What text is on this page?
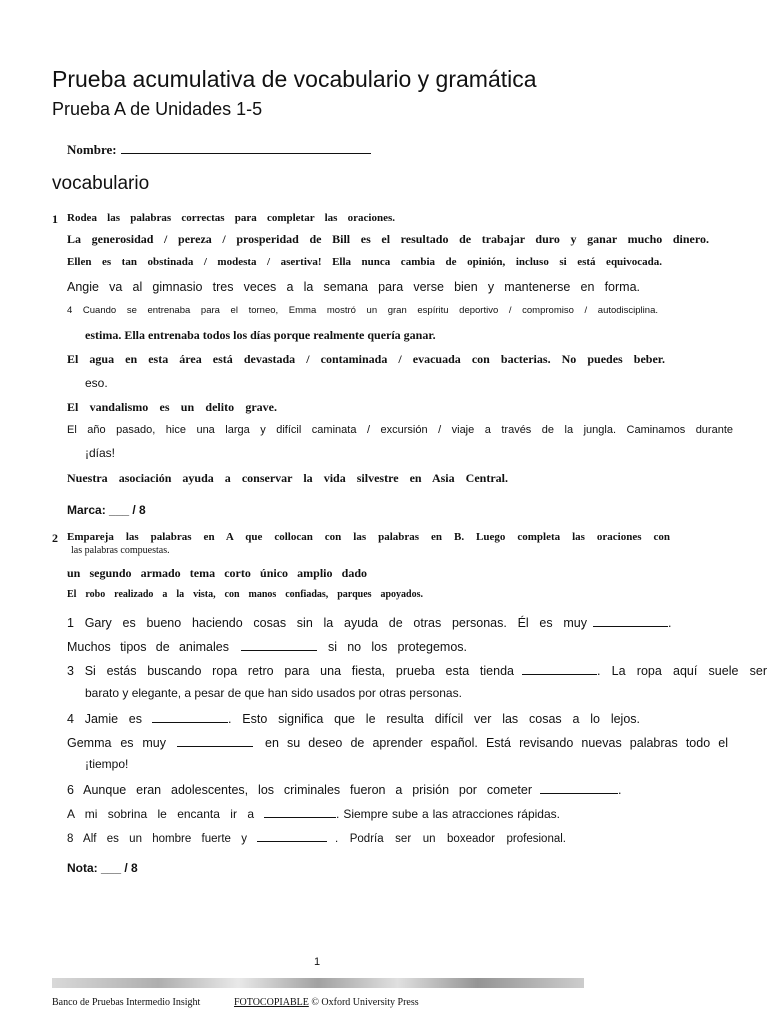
Prueba acumulativa de vocabulario y gramática
Prueba A de Unidades 1-5
Nombre:
vocabulario
1 Rodea las palabras correctas para completar las oraciones.
La generosidad / pereza / prosperidad de Bill es el resultado de trabajar duro y ganar mucho dinero.
Ellen es tan obstinada / modesta / asertiva! Ella nunca cambia de opinión, incluso si está equivocada.
Angie va al gimnasio tres veces a la semana para verse bien y mantenerse en forma.
4 Cuando se entrenaba para el torneo, Emma mostró un gran espíritu deportivo / compromiso / autodisciplina.
estima. Ella entrenaba todos los días porque realmente quería ganar.
El agua en esta área está devastada / contaminada / evacuada con bacterias. No puedes beber.
eso.
El vandalismo es un delito grave.
El año pasado, hice una larga y difícil caminata / excursión / viaje a través de la jungla. Caminamos durante
¡días!
Nuestra asociación ayuda a conservar la vida silvestre en Asia Central.
Marca: ___ / 8
2 Empareja las palabras en A que collocan con las palabras en B. Luego completa las oraciones con
las palabras compuestas.
un segundo armado tema corto único amplio dado
El robo realizado a la vista, con manos confiadas, parques apoyados.
1 Gary es bueno haciendo cosas sin la ayuda de otras personas. Él es muy	.
Muchos tipos de animales	si no los protegemos.
3 Si estás buscando ropa retro para una fiesta, prueba esta tienda	. La ropa aquí suele ser
barato y elegante, a pesar de que han sido usados por otras personas.
4 Jamie es	. Esto significa que le resulta difícil ver las cosas a lo lejos.
Gemma es muy	en su deseo de aprender español. Está revisando nuevas palabras todo el
¡tiempo!
6 Aunque eran adolescentes, los criminales fueron a prisión por cometer	.
A mi sobrina le encanta ir a	. Siempre sube a las atracciones rápidas.
8 Alf es un hombre fuerte y	. Podría ser un boxeador profesional.
Nota: ___ / 8
1
Banco de Pruebas Intermedio Insight	FOTOCOPIABLE © Oxford University Press
